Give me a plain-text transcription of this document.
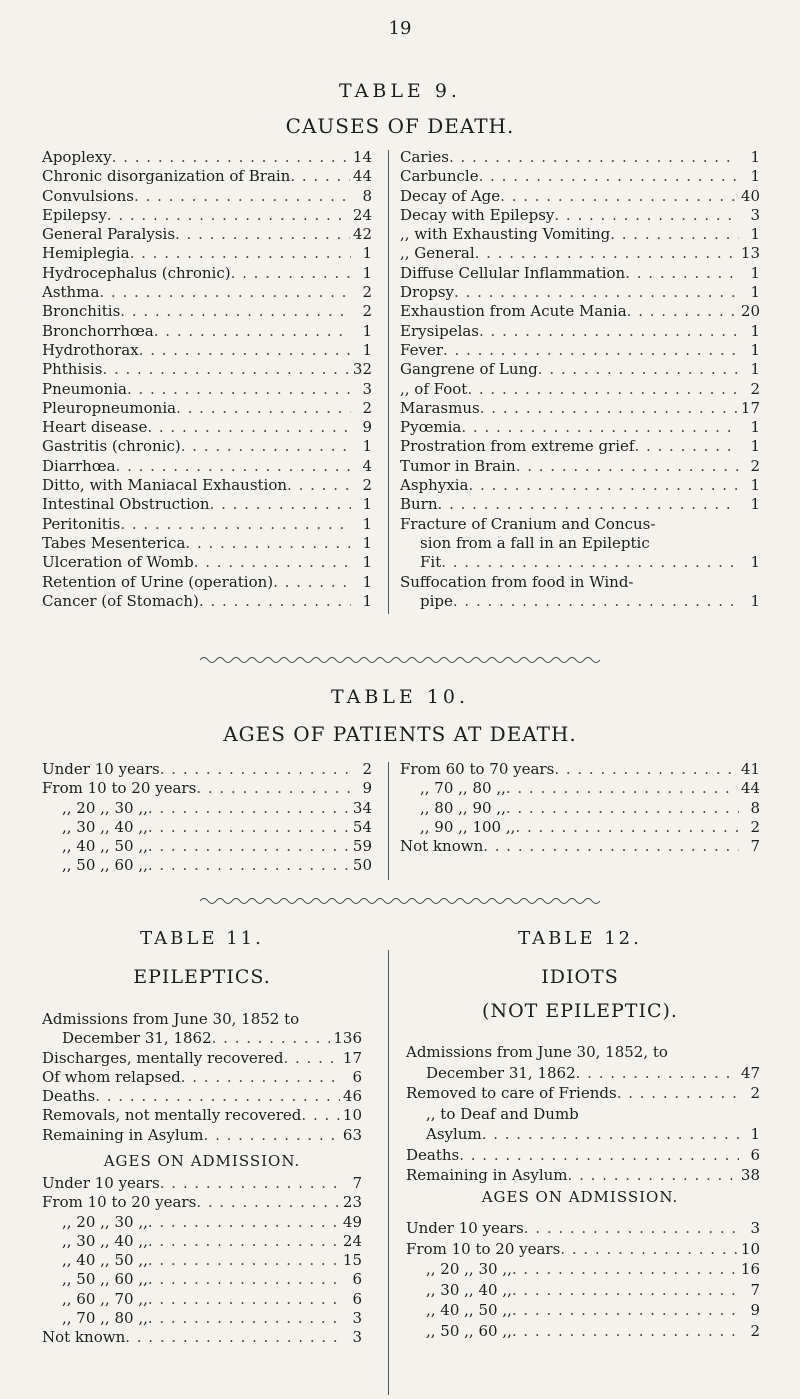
19
TABLE 9.
CAUSES OF DEATH.
Apoplexy . . .	14
Chronic disorganization of Brain . . .	44
Convulsions . . .	8
Epilepsy . . .	24
General Paralysis . . .	42
Hemiplegia . . .	1
Hydrocephalus (chronic) . . .	1
Asthma . . .	2
Bronchitis . . .	2
Bronchorrhœa . . .	1
Hydrothorax . . .	1
Phthisis . . .	32
Pneumonia . . .	3
Pleuropneumonia . . .	2
Heart disease . . .	9
Gastritis (chronic) . . .	1
Diarrhœa . . .	4
Ditto, with Maniacal Exhaustion . . .	2
Intestinal Obstruction . . .	1
Peritonitis . . .	1
Tabes Mesenterica . . .	1
Ulceration of Womb . . .	1
Retention of Urine (operation) . . .	1
Cancer (of Stomach) . . .	1
Caries . . .	1
Carbuncle . . .	1
Decay of Age . . .	40
Decay with Epilepsy . . .	3
,, with Exhausting Vomiting . . .	1
,, General . . .	13
Diffuse Cellular Inflammation . . .	1
Dropsy . . .	1
Exhaustion from Acute Mania . . .	20
Erysipelas . . .	1
Fever . . .	1
Gangrene of Lung . . .	1
,, of Foot . . .	2
Marasmus . . .	17
Pyœmia . . .	1
Prostration from extreme grief . . .	1
Tumor in Brain . . .	2
Asphyxia . . .	1
Burn . . .	1
Fracture of Cranium and Concus-
sion from a fall in an Epileptic
Fit . . .	1
Suffocation from food in Wind-
pipe . . .	1
TABLE 10.
AGES OF PATIENTS AT DEATH.
Under 10 years . . .	2
From 10 to 20 years . . .	9
,, 20 ,, 30 ,, . . .	34
,, 30 ,, 40 ,, . . .	54
,, 40 ,, 50 ,, . . .	59
,, 50 ,, 60 ,, . . .	50
From 60 to 70 years . . .	41
,, 70 ,, 80 ,, . . .	44
,, 80 ,, 90 ,, . . .	8
,, 90 ,, 100 ,, . . .	2
Not known . . .	7
TABLE 11.
EPILEPTICS.
Admissions from June 30, 1852 to
December 31, 1862 . . .	136
Discharges, mentally recovered . . .	17
Of whom relapsed . . .	6
Deaths . . .	46
Removals, not mentally recovered . . .	10
Remaining in Asylum . . .	63
AGES ON ADMISSION.
Under 10 years . . .	7
From 10 to 20 years . . .	23
,, 20 ,, 30 ,, . . .	49
,, 30 ,, 40 ,, . . .	24
,, 40 ,, 50 ,, . . .	15
,, 50 ,, 60 ,, . . .	6
,, 60 ,, 70 ,, . . .	6
,, 70 ,, 80 ,, . . .	3
Not known . . .	3
TABLE 12.
IDIOTS
(NOT EPILEPTIC).
Admissions from June 30, 1852, to
December 31, 1862 . . .	47
Removed to care of Friends . . .	2
,, to Deaf and Dumb
Asylum . . .	1
Deaths . . .	6
Remaining in Asylum . . .	38
AGES ON ADMISSION.
Under 10 years . . .	3
From 10 to 20 years . . .	10
,, 20 ,, 30 ,, . . .	16
,, 30 ,, 40 ,, . . .	7
,, 40 ,, 50 ,, . . .	9
,, 50 ,, 60 ,, . . .	2
